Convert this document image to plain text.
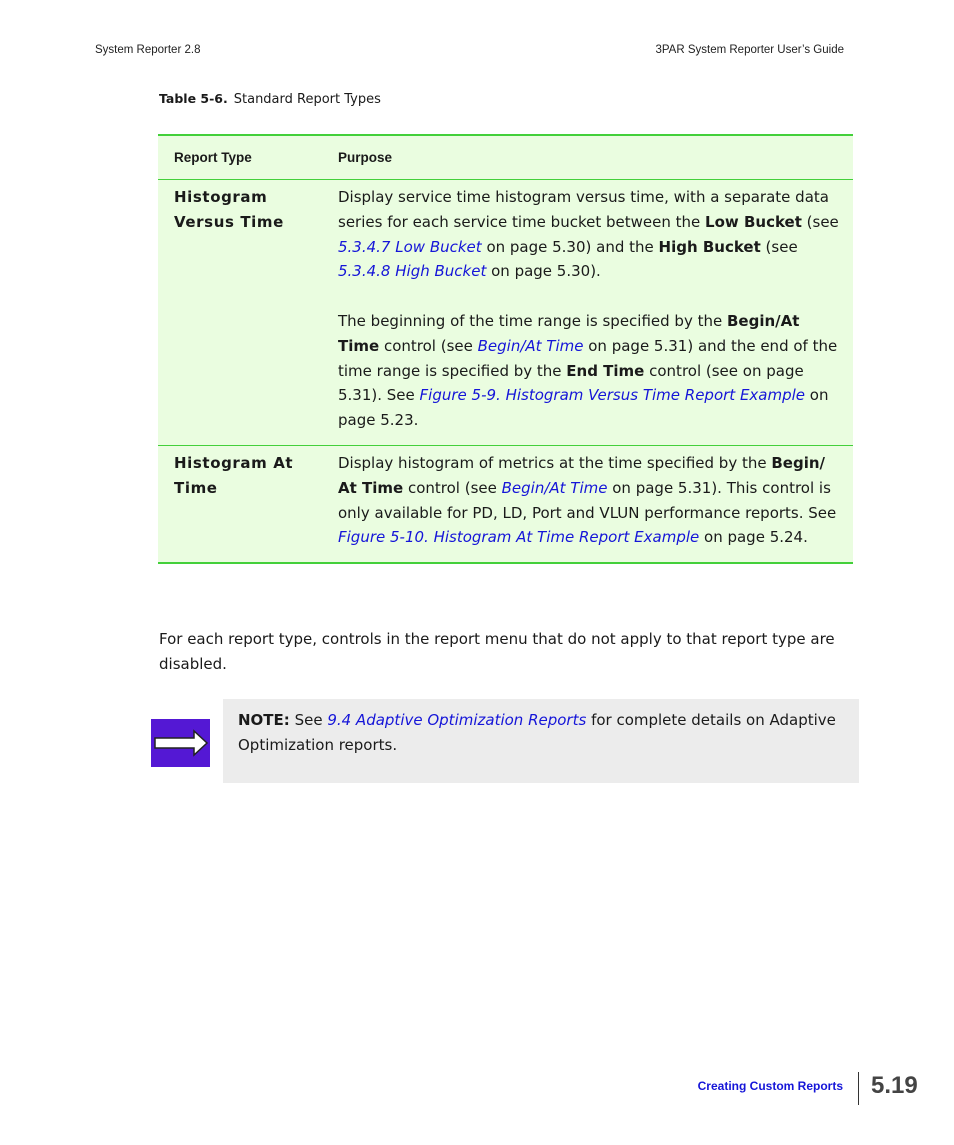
System Reporter 2.8	3PAR System Reporter User’s Guide
Table 5-6. Standard Report Types
Report Type	Purpose
Histogram
Versus Time

Display service time histogram versus time, with a separate data series for each service time bucket between the Low Bucket (see 5.3.4.7 Low Bucket on page 5.30) and the High Bucket (see 5.3.4.8 High Bucket on page 5.30).

The beginning of the time range is specified by the Begin/At Time control (see Begin/At Time on page 5.31) and the end of the time range is specified by the End Time control (see on page 5.31). See Figure 5-9. Histogram Versus Time Report Example on page 5.23.

Histogram At
Time

Display histogram of metrics at the time specified by the Begin/ At Time control (see Begin/At Time on page 5.31). This control is only available for PD, LD, Port and VLUN performance reports. See Figure 5-10. Histogram At Time Report Example on page 5.24.

For each report type, controls in the report menu that do not apply to that report type are disabled.
NOTE: See 9.4 Adaptive Optimization Reports for complete details on Adaptive Optimization reports.
Creating Custom Reports 5.19
